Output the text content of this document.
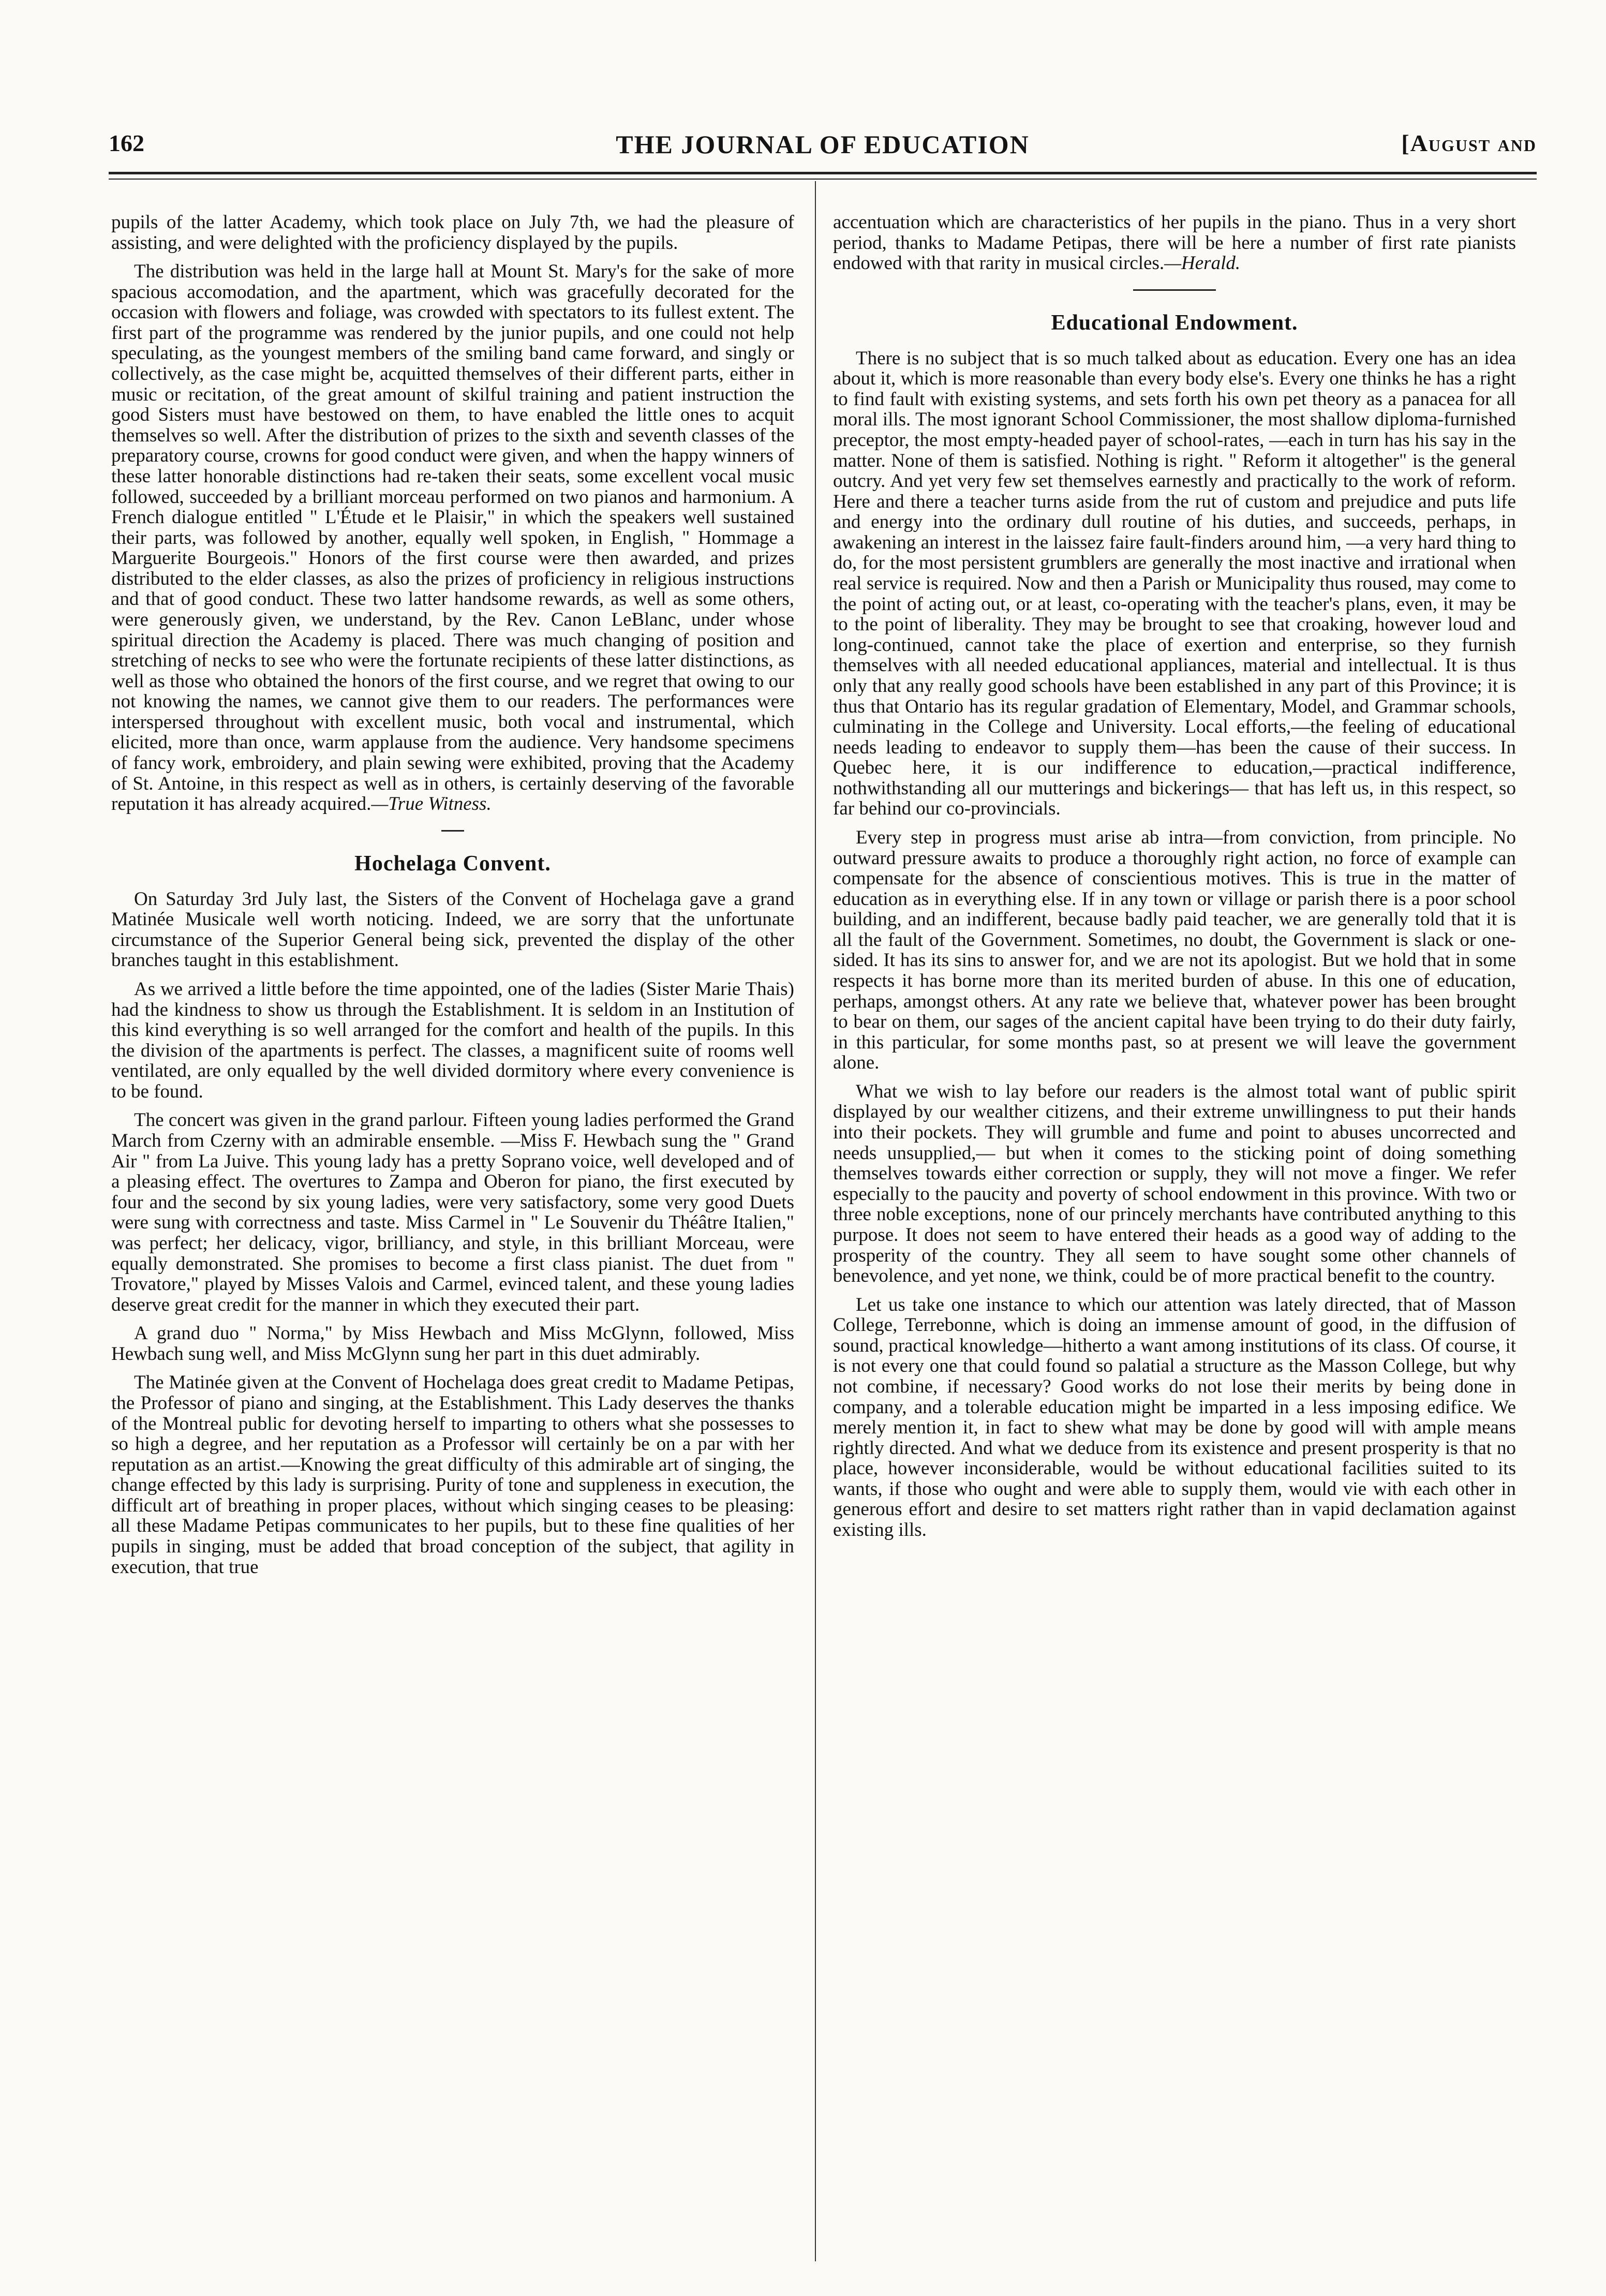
162	THE JOURNAL OF EDUCATION	[August and

pupils of the latter Academy, which took place on July 7th, we had the pleasure of assisting, and were delighted with the proficiency displayed by the pupils.

The distribution was held in the large hall at Mount St. Mary's for the sake of more spacious accomodation, and the apartment, which was gracefully decorated for the occasion with flowers and foliage, was crowded with spectators to its fullest extent. The first part of the programme was rendered by the junior pupils, and one could not help speculating, as the youngest members of the smiling band came forward, and singly or collectively, as the case might be, acquitted themselves of their different parts, either in music or recitation, of the great amount of skilful training and patient instruction the good Sisters must have bestowed on them, to have enabled the little ones to acquit themselves so well. After the distribution of prizes to the sixth and seventh classes of the preparatory course, crowns for good conduct were given, and when the happy winners of these latter honorable distinctions had re-taken their seats, some excellent vocal music followed, succeeded by a brilliant morceau performed on two pianos and harmonium. A French dialogue entitled " L'Étude et le Plaisir," in which the speakers well sustained their parts, was followed by another, equally well spoken, in English, " Hommage a Marguerite Bourgeois." Honors of the first course were then awarded, and prizes distributed to the elder classes, as also the prizes of proficiency in religious instructions and that of good conduct. These two latter handsome rewards, as well as some others, were generously given, we understand, by the Rev. Canon LeBlanc, under whose spiritual direction the Academy is placed. There was much changing of position and stretching of necks to see who were the fortunate recipients of these latter distinctions, as well as those who obtained the honors of the first course, and we regret that owing to our not knowing the names, we cannot give them to our readers. The performances were interspersed throughout with excellent music, both vocal and instrumental, which elicited, more than once, warm applause from the audience. Very handsome specimens of fancy work, embroidery, and plain sewing were exhibited, proving that the Academy of St. Antoine, in this respect as well as in others, is certainly deserving of the favorable reputation it has already acquired.—True Witness.

Hochelaga Convent.

On Saturday 3rd July last, the Sisters of the Convent of Hochelaga gave a grand Matinée Musicale well worth noticing. Indeed, we are sorry that the unfortunate circumstance of the Superior General being sick, prevented the display of the other branches taught in this establishment.

As we arrived a little before the time appointed, one of the ladies (Sister Marie Thais) had the kindness to show us through the Establishment. It is seldom in an Institution of this kind everything is so well arranged for the comfort and health of the pupils. In this the division of the apartments is perfect. The classes, a magnificent suite of rooms well ventilated, are only equalled by the well divided dormitory where every convenience is to be found.

The concert was given in the grand parlour. Fifteen young ladies performed the Grand March from Czerny with an admirable ensemble. —Miss F. Hewbach sung the " Grand Air " from La Juive. This young lady has a pretty Soprano voice, well developed and of a pleasing effect. The overtures to Zampa and Oberon for piano, the first executed by four and the second by six young ladies, were very satisfactory, some very good Duets were sung with correctness and taste. Miss Carmel in " Le Souvenir du Théâtre Italien," was perfect; her delicacy, vigor, brilliancy, and style, in this brilliant Morceau, were equally demonstrated. She promises to become a first class pianist. The duet from " Trovatore," played by Misses Valois and Carmel, evinced talent, and these young ladies deserve great credit for the manner in which they executed their part.

A grand duo " Norma," by Miss Hewbach and Miss McGlynn, followed, Miss Hewbach sung well, and Miss McGlynn sung her part in this duet admirably.

The Matinée given at the Convent of Hochelaga does great credit to Madame Petipas, the Professor of piano and singing, at the Establishment. This Lady deserves the thanks of the Montreal public for devoting herself to imparting to others what she possesses to so high a degree, and her reputation as a Professor will certainly be on a par with her reputation as an artist.—Knowing the great difficulty of this admirable art of singing, the change effected by this lady is surprising. Purity of tone and suppleness in execution, the difficult art of breathing in proper places, without which singing ceases to be pleasing: all these Madame Petipas communicates to her pupils, but to these fine qualities of her pupils in singing, must be added that broad conception of the subject, that agility in execution, that true

accentuation which are characteristics of her pupils in the piano. Thus in a very short period, thanks to Madame Petipas, there will be here a number of first rate pianists endowed with that rarity in musical circles.—Herald.

Educational Endowment.

There is no subject that is so much talked about as education. Every one has an idea about it, which is more reasonable than every body else's. Every one thinks he has a right to find fault with existing systems, and sets forth his own pet theory as a panacea for all moral ills. The most ignorant School Commissioner, the most shallow diploma-furnished preceptor, the most empty-headed payer of school-rates, —each in turn has his say in the matter. None of them is satisfied. Nothing is right. " Reform it altogether" is the general outcry. And yet very few set themselves earnestly and practically to the work of reform. Here and there a teacher turns aside from the rut of custom and prejudice and puts life and energy into the ordinary dull routine of his duties, and succeeds, perhaps, in awakening an interest in the laissez faire fault-finders around him, —a very hard thing to do, for the most persistent grumblers are generally the most inactive and irrational when real service is required. Now and then a Parish or Municipality thus roused, may come to the point of acting out, or at least, co-operating with the teacher's plans, even, it may be to the point of liberality. They may be brought to see that croaking, however loud and long-continued, cannot take the place of exertion and enterprise, so they furnish themselves with all needed educational appliances, material and intellectual. It is thus only that any really good schools have been established in any part of this Province; it is thus that Ontario has its regular gradation of Elementary, Model, and Grammar schools, culminating in the College and University. Local efforts,—the feeling of educational needs leading to endeavor to supply them—has been the cause of their success. In Quebec here, it is our indifference to education,—practical indifference, nothwithstanding all our mutterings and bickerings— that has left us, in this respect, so far behind our co-provincials.

Every step in progress must arise ab intra—from conviction, from principle. No outward pressure awaits to produce a thoroughly right action, no force of example can compensate for the absence of conscientious motives. This is true in the matter of education as in everything else. If in any town or village or parish there is a poor school building, and an indifferent, because badly paid teacher, we are generally told that it is all the fault of the Government. Sometimes, no doubt, the Government is slack or one-sided. It has its sins to answer for, and we are not its apologist. But we hold that in some respects it has borne more than its merited burden of abuse. In this one of education, perhaps, amongst others. At any rate we believe that, whatever power has been brought to bear on them, our sages of the ancient capital have been trying to do their duty fairly, in this particular, for some months past, so at present we will leave the government alone.

What we wish to lay before our readers is the almost total want of public spirit displayed by our wealther citizens, and their extreme unwillingness to put their hands into their pockets. They will grumble and fume and point to abuses uncorrected and needs unsupplied,— but when it comes to the sticking point of doing something themselves towards either correction or supply, they will not move a finger. We refer especially to the paucity and poverty of school endowment in this province. With two or three noble exceptions, none of our princely merchants have contributed anything to this purpose. It does not seem to have entered their heads as a good way of adding to the prosperity of the country. They all seem to have sought some other channels of benevolence, and yet none, we think, could be of more practical benefit to the country.

Let us take one instance to which our attention was lately directed, that of Masson College, Terrebonne, which is doing an immense amount of good, in the diffusion of sound, practical knowledge—hitherto a want among institutions of its class. Of course, it is not every one that could found so palatial a structure as the Masson College, but why not combine, if necessary? Good works do not lose their merits by being done in company, and a tolerable education might be imparted in a less imposing edifice. We merely mention it, in fact to shew what may be done by good will with ample means rightly directed. And what we deduce from its existence and present prosperity is that no place, however inconsiderable, would be without educational facilities suited to its wants, if those who ought and were able to supply them, would vie with each other in generous effort and desire to set matters right rather than in vapid declamation against existing ills.
